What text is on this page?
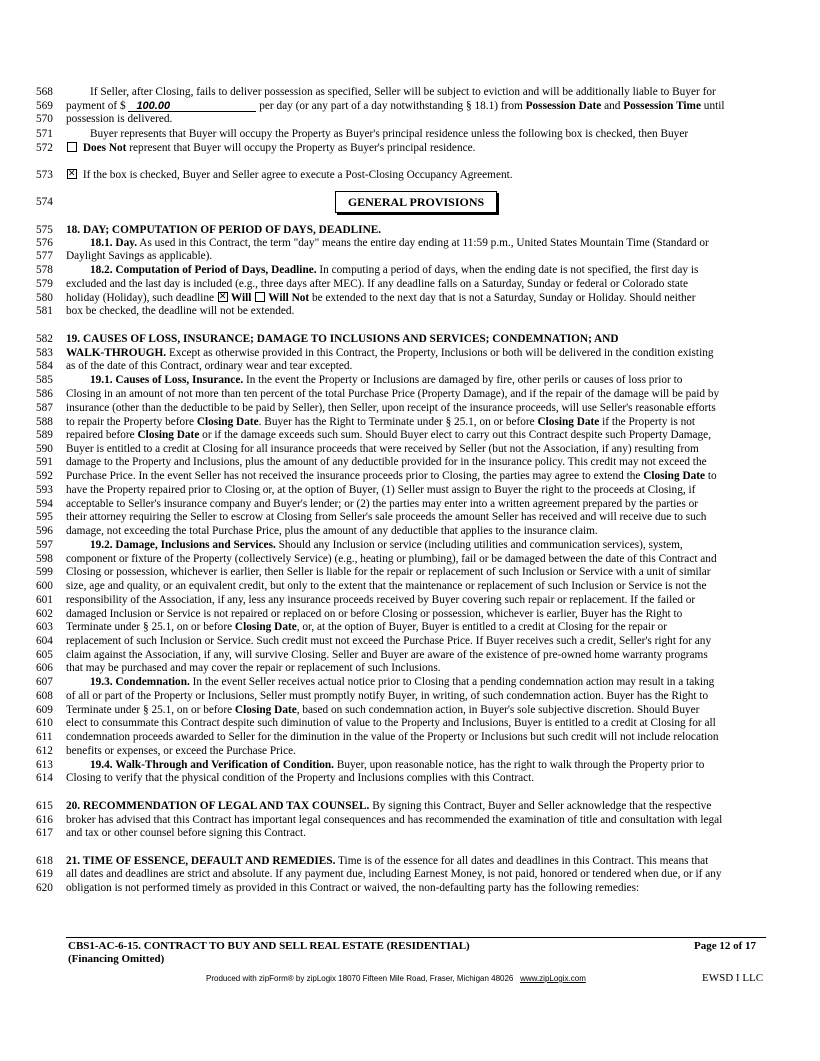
568
569
570
571
572
573
574
575
576
577
578
579
580
581
582
583
584
585
586
587
588
589
590
591
592
593
594
595
596
597
598
599
600
601
602
603
604
605
606
607
608
609
610
611
612
613
614
615
616
617
618
619
620
If Seller, after Closing, fails to deliver possession as specified, Seller will be subject to eviction and will be additionally liable to Buyer for
payment of $ 100.00	per day (or any part of a day notwithstanding § 18.1) from Possession Date and Possession Time until
possession is delivered.
Buyer represents that Buyer will occupy the Property as Buyer's principal residence unless the following box is checked, then Buyer
Does Not represent that Buyer will occupy the Property as Buyer's principal residence.
✕ If the box is checked, Buyer and Seller agree to execute a Post-Closing Occupancy Agreement.
GENERAL PROVISIONS
18. DAY; COMPUTATION OF PERIOD OF DAYS, DEADLINE.
18.1. Day. As used in this Contract, the term "day" means the entire day ending at 11:59 p.m., United States Mountain Time (Standard or
Daylight Savings as applicable).
18.2. Computation of Period of Days, Deadline. In computing a period of days, when the ending date is not specified, the first day is
excluded and the last day is included (e.g., three days after MEC). If any deadline falls on a Saturday, Sunday or federal or Colorado state
holiday (Holiday), such deadline ✕ Will Will Not be extended to the next day that is not a Saturday, Sunday or Holiday. Should neither
box be checked, the deadline will not be extended.
19. CAUSES OF LOSS, INSURANCE; DAMAGE TO INCLUSIONS AND SERVICES; CONDEMNATION; AND
WALK-THROUGH. Except as otherwise provided in this Contract, the Property, Inclusions or both will be delivered in the condition existing
as of the date of this Contract, ordinary wear and tear excepted.
19.1. Causes of Loss, Insurance. In the event the Property or Inclusions are damaged by fire, other perils or causes of loss prior to
Closing in an amount of not more than ten percent of the total Purchase Price (Property Damage), and if the repair of the damage will be paid by
insurance (other than the deductible to be paid by Seller), then Seller, upon receipt of the insurance proceeds, will use Seller's reasonable efforts
to repair the Property before Closing Date. Buyer has the Right to Terminate under § 25.1, on or before Closing Date if the Property is not
repaired before Closing Date or if the damage exceeds such sum. Should Buyer elect to carry out this Contract despite such Property Damage,
Buyer is entitled to a credit at Closing for all insurance proceeds that were received by Seller (but not the Association, if any) resulting from
damage to the Property and Inclusions, plus the amount of any deductible provided for in the insurance policy. This credit may not exceed the
Purchase Price. In the event Seller has not received the insurance proceeds prior to Closing, the parties may agree to extend the Closing Date to
have the Property repaired prior to Closing or, at the option of Buyer, (1) Seller must assign to Buyer the right to the proceeds at Closing, if
acceptable to Seller's insurance company and Buyer's lender; or (2) the parties may enter into a written agreement prepared by the parties or
their attorney requiring the Seller to escrow at Closing from Seller's sale proceeds the amount Seller has received and will receive due to such
damage, not exceeding the total Purchase Price, plus the amount of any deductible that applies to the insurance claim.
19.2. Damage, Inclusions and Services. Should any Inclusion or service (including utilities and communication services), system,
component or fixture of the Property (collectively Service) (e.g., heating or plumbing), fail or be damaged between the date of this Contract and
Closing or possession, whichever is earlier, then Seller is liable for the repair or replacement of such Inclusion or Service with a unit of similar
size, age and quality, or an equivalent credit, but only to the extent that the maintenance or replacement of such Inclusion or Service is not the
responsibility of the Association, if any, less any insurance proceeds received by Buyer covering such repair or replacement. If the failed or
damaged Inclusion or Service is not repaired or replaced on or before Closing or possession, whichever is earlier, Buyer has the Right to
Terminate under § 25.1, on or before Closing Date, or, at the option of Buyer, Buyer is entitled to a credit at Closing for the repair or
replacement of such Inclusion or Service. Such credit must not exceed the Purchase Price. If Buyer receives such a credit, Seller's right for any
claim against the Association, if any, will survive Closing. Seller and Buyer are aware of the existence of pre-owned home warranty programs
that may be purchased and may cover the repair or replacement of such Inclusions.
19.3. Condemnation. In the event Seller receives actual notice prior to Closing that a pending condemnation action may result in a taking
of all or part of the Property or Inclusions, Seller must promptly notify Buyer, in writing, of such condemnation action. Buyer has the Right to
Terminate under § 25.1, on or before Closing Date, based on such condemnation action, in Buyer's sole subjective discretion. Should Buyer
elect to consummate this Contract despite such diminution of value to the Property and Inclusions, Buyer is entitled to a credit at Closing for all
condemnation proceeds awarded to Seller for the diminution in the value of the Property or Inclusions but such credit will not include relocation
benefits or expenses, or exceed the Purchase Price.
19.4. Walk-Through and Verification of Condition. Buyer, upon reasonable notice, has the right to walk through the Property prior to
Closing to verify that the physical condition of the Property and Inclusions complies with this Contract.
20. RECOMMENDATION OF LEGAL AND TAX COUNSEL. By signing this Contract, Buyer and Seller acknowledge that the respective
broker has advised that this Contract has important legal consequences and has recommended the examination of title and consultation with legal
and tax or other counsel before signing this Contract.
21. TIME OF ESSENCE, DEFAULT AND REMEDIES. Time is of the essence for all dates and deadlines in this Contract. This means that
all dates and deadlines are strict and absolute. If any payment due, including Earnest Money, is not paid, honored or tendered when due, or if any
obligation is not performed timely as provided in this Contract or waived, the non-defaulting party has the following remedies:
CBS1-AC-6-15. CONTRACT TO BUY AND SELL REAL ESTATE (RESIDENTIAL)
(Financing Omitted)
Page 12 of 17
Produced with zipForm® by zipLogix 18070 Fifteen Mile Road, Fraser, Michigan 48026 www.zipLogix.com	EWSD I LLC
